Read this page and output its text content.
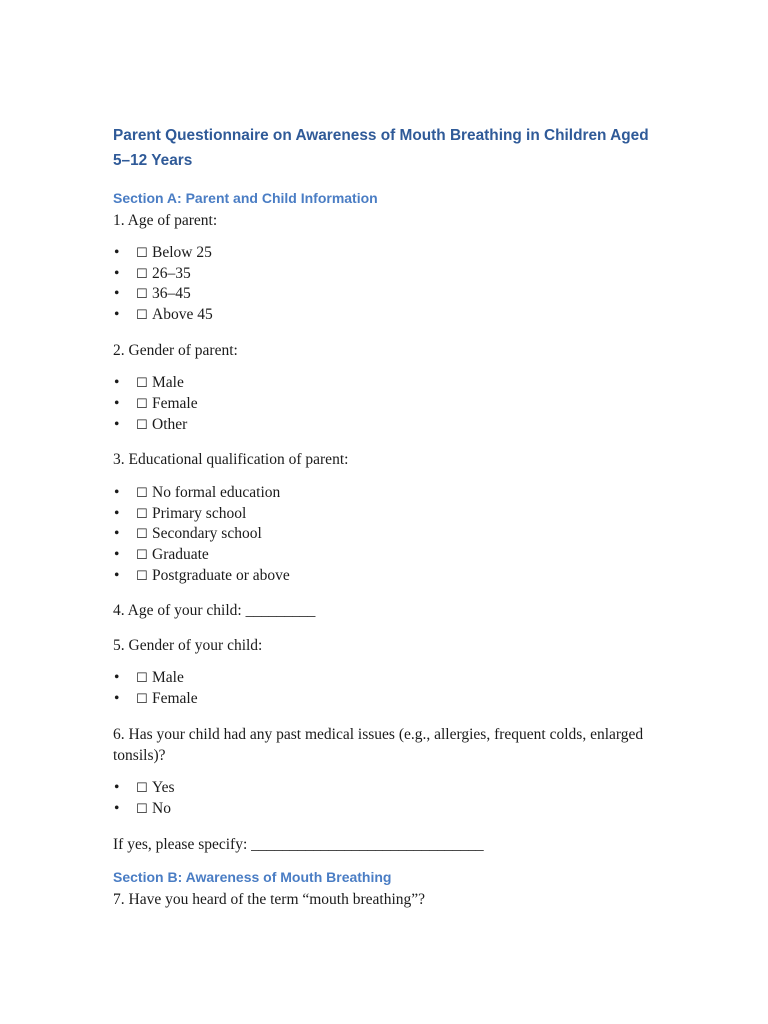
Parent Questionnaire on Awareness of Mouth Breathing in Children Aged 5–12 Years
Section A: Parent and Child Information

1. Age of parent:

• ☐ Below 25
• ☐ 26–35
• ☐ 36–45
• ☐ Above 45

2. Gender of parent:

• ☐ Male
• ☐ Female
• ☐ Other

3. Educational qualification of parent:

• ☐ No formal education
• ☐ Primary school
• ☐ Secondary school
• ☐ Graduate
• ☐ Postgraduate or above

4. Age of your child: _________

5. Gender of your child:

• ☐ Male
• ☐ Female

6. Has your child had any past medical issues (e.g., allergies, frequent colds, enlarged tonsils)?

• ☐ Yes
• ☐ No

If yes, please specify: ______________________________

Section B: Awareness of Mouth Breathing

7. Have you heard of the term “mouth breathing”?
